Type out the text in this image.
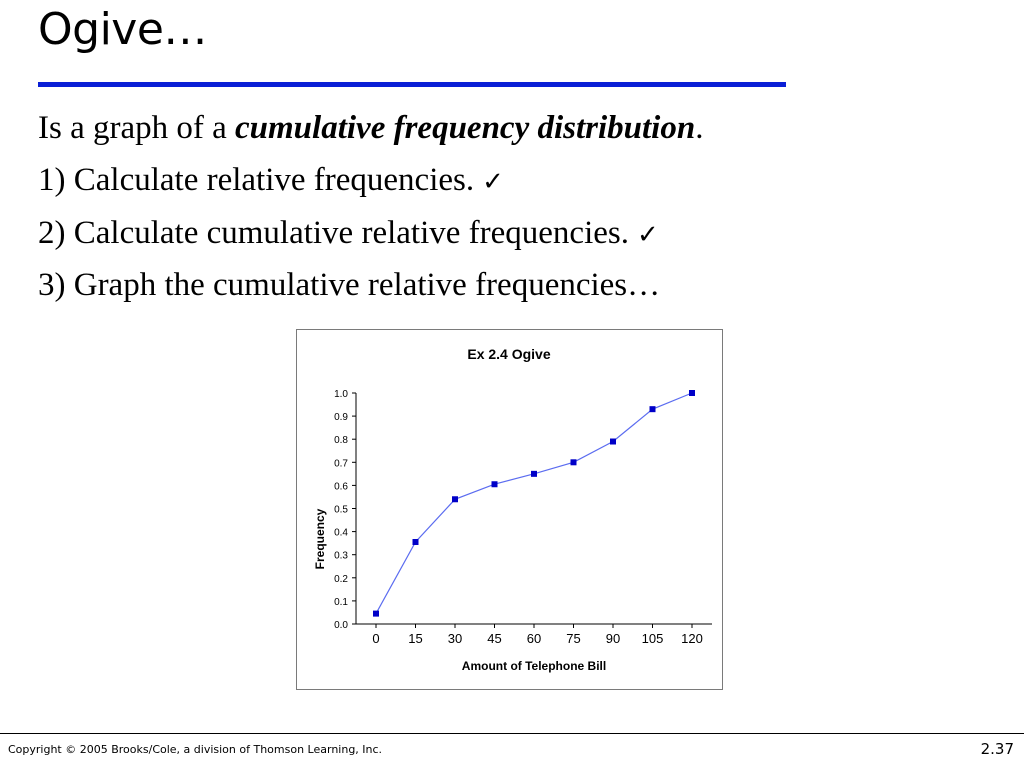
Ogive…
Is a graph of a cumulative frequency distribution.
1) Calculate relative frequencies. ✓
2) Calculate cumulative relative frequencies. ✓
3) Graph the cumulative relative frequencies…
Ex 2.4 Ogive
Frequency
Amount of Telephone Bill
0.0
0.1
0.2
0.3
0.4
0.5
0.6
0.7
0.8
0.9
1.0
0 15 30 45 60 75 90 105 120
Copyright © 2005 Brooks/Cole, a division of Thomson Learning, Inc.	2.37
